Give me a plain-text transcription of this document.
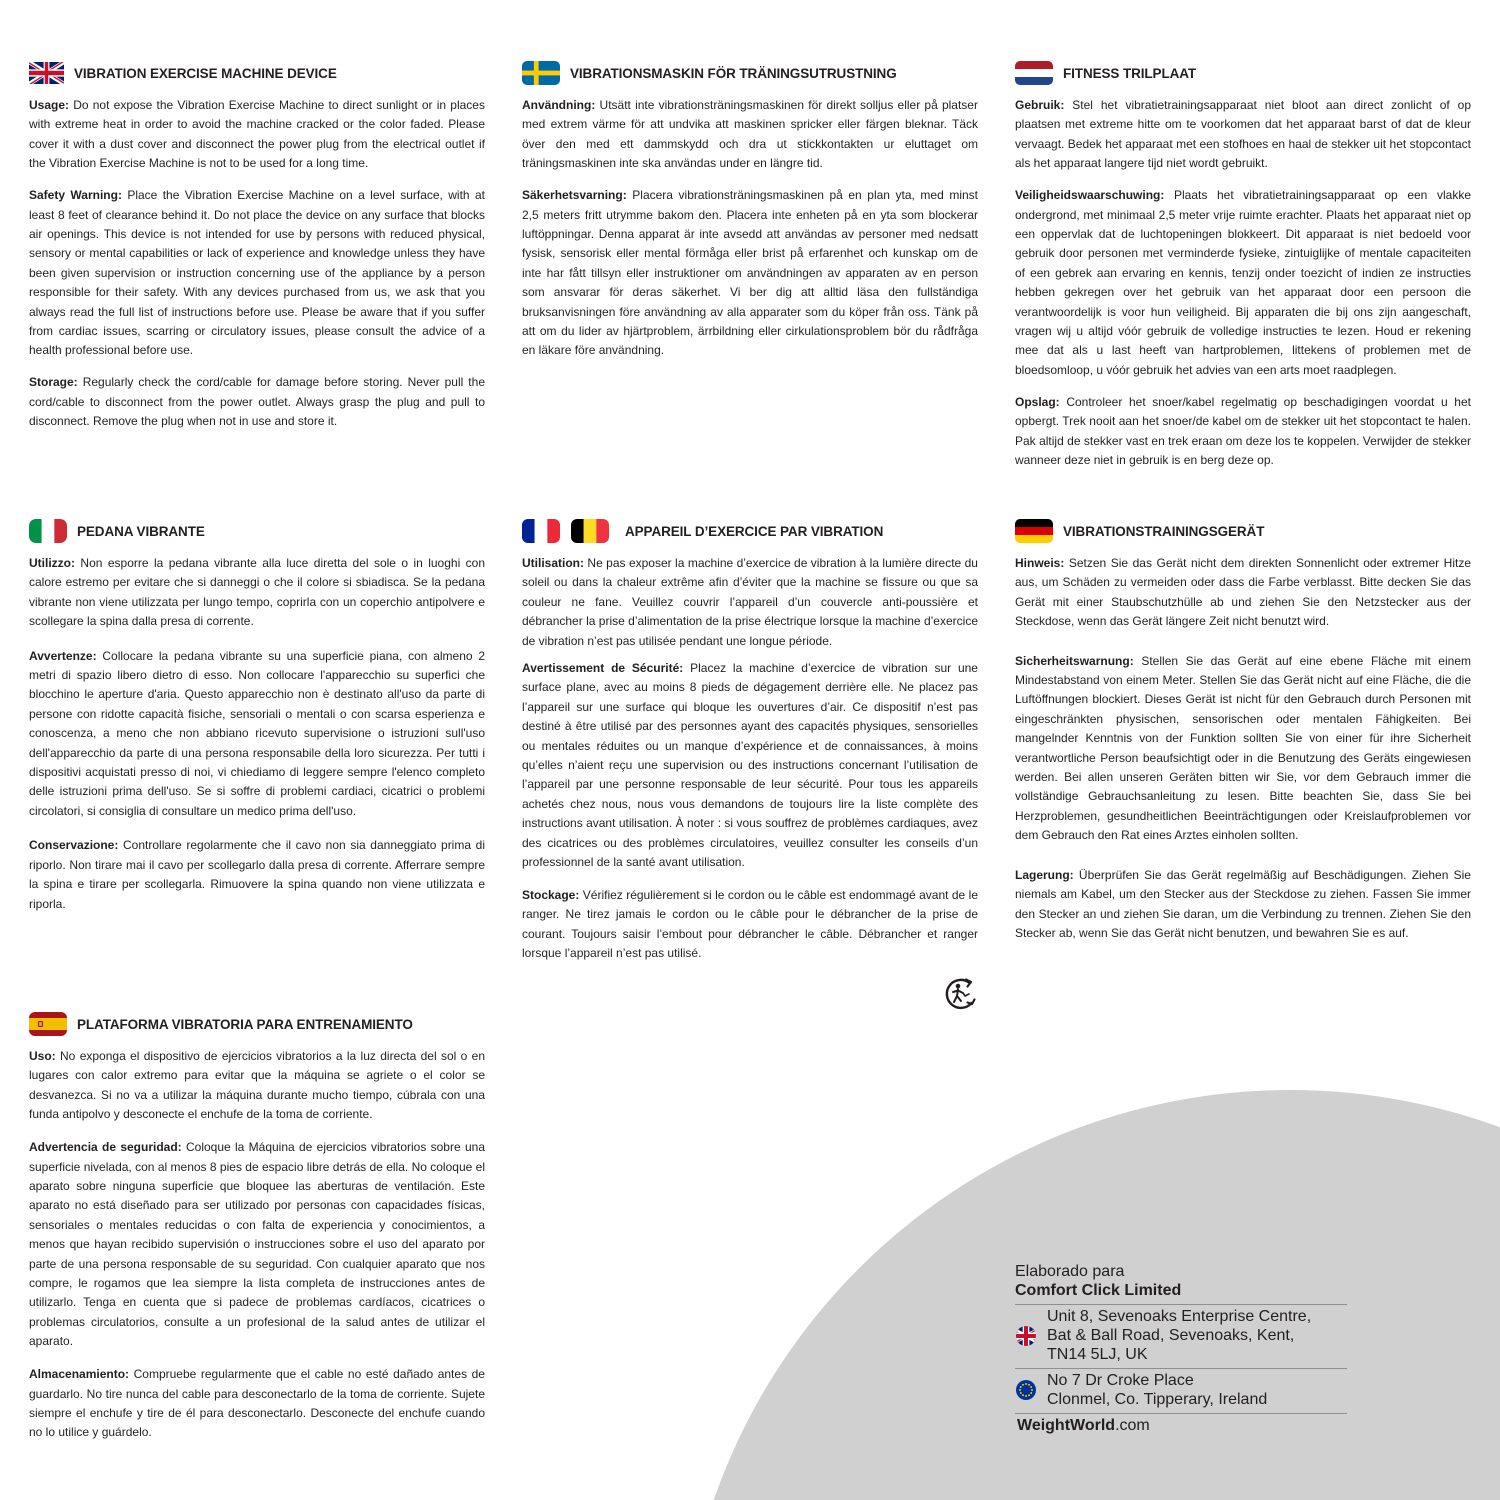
VIBRATION EXERCISE MACHINE DEVICE

Usage: Do not expose the Vibration Exercise Machine to direct sunlight or in places with extreme heat in order to avoid the machine cracked or the color faded. Please cover it with a dust cover and disconnect the power plug from the electrical outlet if the Vibration Exercise Machine is not to be used for a long time.

Safety Warning: Place the Vibration Exercise Machine on a level surface, with at least 8 feet of clearance behind it. Do not place the device on any surface that blocks air openings. This device is not intended for use by persons with reduced physical, sensory or mental capabilities or lack of experience and knowledge unless they have been given supervision or instruction concerning use of the appliance by a person responsible for their safety. With any devices purchased from us, we ask that you always read the full list of instructions before use. Please be aware that if you suffer from cardiac issues, scarring or circulatory issues, please consult the advice of a health professional before use.

Storage: Regularly check the cord/cable for damage before storing. Never pull the cord/cable to disconnect from the power outlet. Always grasp the plug and pull to disconnect. Remove the plug when not in use and store it.

VIBRATIONSMASKIN FÖR TRÄNINGSUTRUSTNING

Användning: Utsätt inte vibrationsträningsmaskinen för direkt solljus eller på platser med extrem värme för att undvika att maskinen spricker eller färgen bleknar. Täck över den med ett dammskydd och dra ut stickkontakten ur eluttaget om träningsmaskinen inte ska användas under en längre tid.

Säkerhetsvarning: Placera vibrationsträningsmaskinen på en plan yta, med minst 2,5 meters fritt utrymme bakom den. Placera inte enheten på en yta som blockerar luftöppningar. Denna apparat är inte avsedd att användas av personer med nedsatt fysisk, sensorisk eller mental förmåga eller brist på erfarenhet och kunskap om de inte har fått tillsyn eller instruktioner om användningen av apparaten av en person som ansvarar för deras säkerhet. Vi ber dig att alltid läsa den fullständiga bruksanvisningen före användning av alla apparater som du köper från oss. Tänk på att om du lider av hjärtproblem, ärrbildning eller cirkulationsproblem bör du rådfråga en läkare före användning.

FITNESS TRILPLAAT

Gebruik: Stel het vibratietrainingsapparaat niet bloot aan direct zonlicht of op plaatsen met extreme hitte om te voorkomen dat het apparaat barst of dat de kleur vervaagt. Bedek het apparaat met een stofhoes en haal de stekker uit het stopcontact als het apparaat langere tijd niet wordt gebruikt.

Veiligheidswaarschuwing: Plaats het vibratietrainingsapparaat op een vlakke ondergrond, met minimaal 2,5 meter vrije ruimte erachter. Plaats het apparaat niet op een oppervlak dat de luchtopeningen blokkeert. Dit apparaat is niet bedoeld voor gebruik door personen met verminderde fysieke, zintuiglijke of mentale capaciteiten of een gebrek aan ervaring en kennis, tenzij onder toezicht of indien ze instructies hebben gekregen over het gebruik van het apparaat door een persoon die verantwoordelijk is voor hun veiligheid. Bij apparaten die bij ons zijn aangeschaft, vragen wij u altijd vóór gebruik de volledige instructies te lezen. Houd er rekening mee dat als u last heeft van hartproblemen, littekens of problemen met de bloedsomloop, u vóór gebruik het advies van een arts moet raadplegen.

Opslag: Controleer het snoer/kabel regelmatig op beschadigingen voordat u het opbergt. Trek nooit aan het snoer/de kabel om de stekker uit het stopcontact te halen. Pak altijd de stekker vast en trek eraan om deze los te koppelen. Verwijder de stekker wanneer deze niet in gebruik is en berg deze op.

PEDANA VIBRANTE

Utilizzo: Non esporre la pedana vibrante alla luce diretta del sole o in luoghi con calore estremo per evitare che si danneggi o che il colore si sbiadisca. Se la pedana vibrante non viene utilizzata per lungo tempo, coprirla con un coperchio antipolvere e scollegare la spina dalla presa di corrente.

Avvertenze: Collocare la pedana vibrante su una superficie piana, con almeno 2 metri di spazio libero dietro di esso. Non collocare l'apparecchio su superfici che blocchino le aperture d'aria. Questo apparecchio non è destinato all'uso da parte di persone con ridotte capacità fisiche, sensoriali o mentali o con scarsa esperienza e conoscenza, a meno che non abbiano ricevuto supervisione o istruzioni sull'uso dell'apparecchio da parte di una persona responsabile della loro sicurezza. Per tutti i dispositivi acquistati presso di noi, vi chiediamo di leggere sempre l'elenco completo delle istruzioni prima dell'uso. Se si soffre di problemi cardiaci, cicatrici o problemi circolatori, si consiglia di consultare un medico prima dell'uso.

Conservazione: Controllare regolarmente che il cavo non sia danneggiato prima di riporlo. Non tirare mai il cavo per scollegarlo dalla presa di corrente. Afferrare sempre la spina e tirare per scollegarla. Rimuovere la spina quando non viene utilizzata e riporla.

APPAREIL D’EXERCICE PAR VIBRATION

Utilisation: Ne pas exposer la machine d’exercice de vibration à la lumière directe du soleil ou dans la chaleur extrême afin d’éviter que la machine se fissure ou que sa couleur ne fane. Veuillez couvrir l’appareil d’un couvercle anti-poussière et débrancher la prise d’alimentation de la prise électrique lorsque la machine d’exercice de vibration n’est pas utilisée pendant une longue période.

Avertissement de Sécurité: Placez la machine d’exercice de vibration sur une surface plane, avec au moins 8 pieds de dégagement derrière elle. Ne placez pas l’appareil sur une surface qui bloque les ouvertures d’air. Ce dispositif n’est pas destiné à être utilisé par des personnes ayant des capacités physiques, sensorielles ou mentales réduites ou un manque d’expérience et de connaissances, à moins qu’elles n’aient reçu une supervision ou des instructions concernant l’utilisation de l’appareil par une personne responsable de leur sécurité. Pour tous les appareils achetés chez nous, nous vous demandons de toujours lire la liste complète des instructions avant utilisation. À noter : si vous souffrez de problèmes cardiaques, avez des cicatrices ou des problèmes circulatoires, veuillez consulter les conseils d’un professionnel de la santé avant utilisation.

Stockage: Vérifiez régulièrement si le cordon ou le câble est endommagé avant de le ranger. Ne tirez jamais le cordon ou le câble pour le débrancher de la prise de courant. Toujours saisir l’embout pour débrancher le câble. Débrancher et ranger lorsque l’appareil n’est pas utilisé.

VIBRATIONSTRAININGSGERÄT

Hinweis: Setzen Sie das Gerät nicht dem direkten Sonnenlicht oder extremer Hitze aus, um Schäden zu vermeiden oder dass die Farbe verblasst. Bitte decken Sie das Gerät mit einer Staubschutzhülle ab und ziehen Sie den Netzstecker aus der Steckdose, wenn das Gerät längere Zeit nicht benutzt wird.

Sicherheitswarnung: Stellen Sie das Gerät auf eine ebene Fläche mit einem Mindestabstand von einem Meter. Stellen Sie das Gerät nicht auf eine Fläche, die die Luftöffnungen blockiert. Dieses Gerät ist nicht für den Gebrauch durch Personen mit eingeschränkten physischen, sensorischen oder mentalen Fähigkeiten. Bei mangelnder Kenntnis von der Funktion sollten Sie von einer für ihre Sicherheit verantwortliche Person beaufsichtigt oder in die Benutzung des Geräts eingewiesen werden. Bei allen unseren Geräten bitten wir Sie, vor dem Gebrauch immer die vollständige Gebrauchsanleitung zu lesen. Bitte beachten Sie, dass Sie bei Herzproblemen, gesundheitlichen Beeinträchtigungen oder Kreislaufproblemen vor dem Gebrauch den Rat eines Arztes einholen sollten.

Lagerung: Überprüfen Sie das Gerät regelmäßig auf Beschädigungen. Ziehen Sie niemals am Kabel, um den Stecker aus der Steckdose zu ziehen. Fassen Sie immer den Stecker an und ziehen Sie daran, um die Verbindung zu trennen. Ziehen Sie den Stecker ab, wenn Sie das Gerät nicht benutzen, und bewahren Sie es auf.

PLATAFORMA VIBRATORIA PARA ENTRENAMIENTO

Uso: No exponga el dispositivo de ejercicios vibratorios a la luz directa del sol o en lugares con calor extremo para evitar que la máquina se agriete o el color se desvanezca. Si no va a utilizar la máquina durante mucho tiempo, cúbrala con una funda antipolvo y desconecte el enchufe de la toma de corriente.

Advertencia de seguridad: Coloque la Máquina de ejercicios vibratorios sobre una superficie nivelada, con al menos 8 pies de espacio libre detrás de ella. No coloque el aparato sobre ninguna superficie que bloquee las aberturas de ventilación. Este aparato no está diseñado para ser utilizado por personas con capacidades físicas, sensoriales o mentales reducidas o con falta de experiencia y conocimientos, a menos que hayan recibido supervisión o instrucciones sobre el uso del aparato por parte de una persona responsable de su seguridad. Con cualquier aparato que nos compre, le rogamos que lea siempre la lista completa de instrucciones antes de utilizarlo. Tenga en cuenta que si padece de problemas cardíacos, cicatrices o problemas circulatorios, consulte a un profesional de la salud antes de utilizar el aparato.

Almacenamiento: Compruebe regularmente que el cable no esté dañado antes de guardarlo. No tire nunca del cable para desconectarlo de la toma de corriente. Sujete siempre el enchufe y tire de él para desconectarlo. Desconecte del enchufe cuando no lo utilice y guárdelo.

Elaborado para
Comfort Click Limited
Unit 8, Sevenoaks Enterprise Centre,
Bat & Ball Road, Sevenoaks, Kent,
TN14 5LJ, UK
No 7 Dr Croke Place
Clonmel, Co. Tipperary, Ireland
WeightWorld.com
